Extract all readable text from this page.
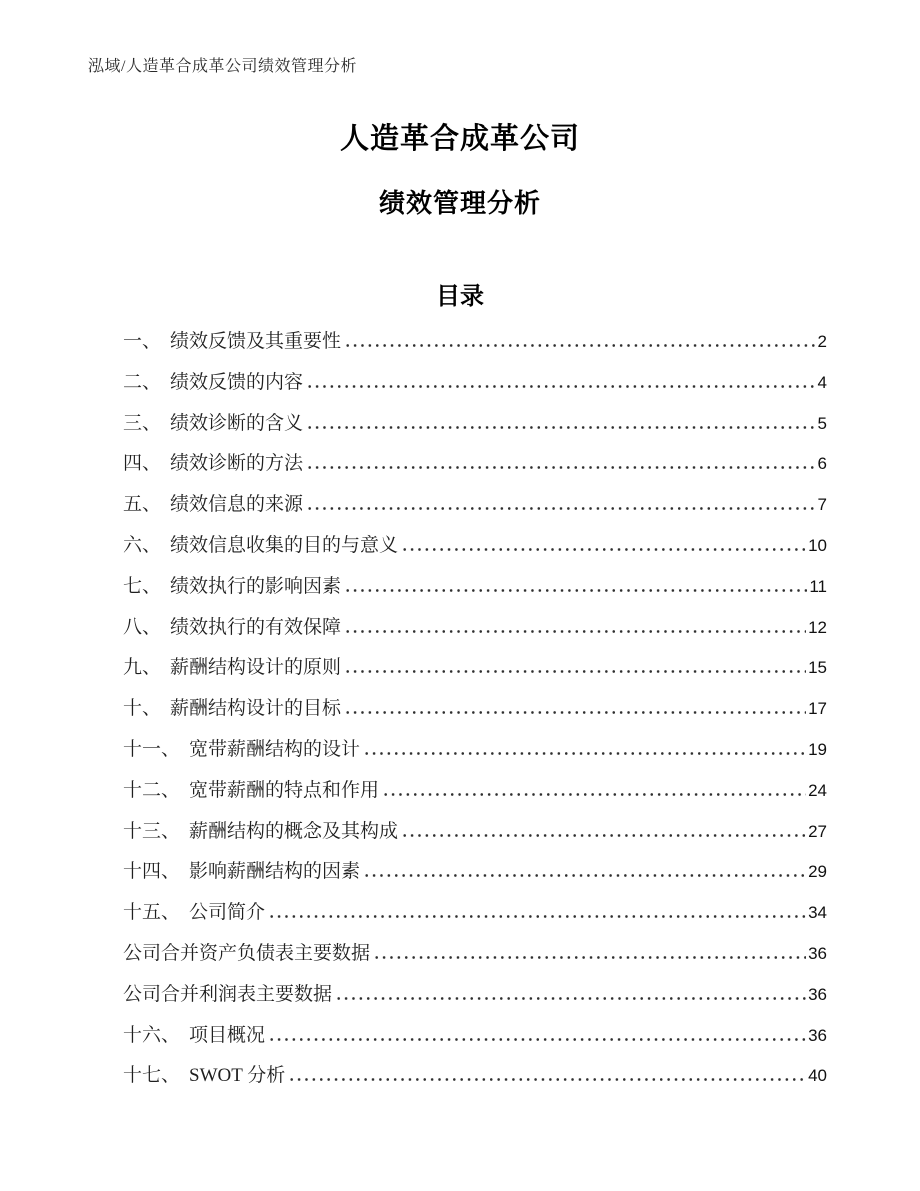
泓域/人造革合成革公司绩效管理分析
人造革合成革公司
绩效管理分析
目录
一、 绩效反馈及其重要性	2
二、 绩效反馈的内容	4
三、 绩效诊断的含义	5
四、 绩效诊断的方法	6
五、 绩效信息的来源	7
六、 绩效信息收集的目的与意义	10
七、 绩效执行的影响因素	11
八、 绩效执行的有效保障	12
九、 薪酬结构设计的原则	15
十、 薪酬结构设计的目标	17
十一、 宽带薪酬结构的设计	19
十二、 宽带薪酬的特点和作用	24
十三、 薪酬结构的概念及其构成	27
十四、 影响薪酬结构的因素	29
十五、 公司简介	34
公司合并资产负债表主要数据	36
公司合并利润表主要数据	36
十六、 项目概况	36
十七、 SWOT 分析	40
